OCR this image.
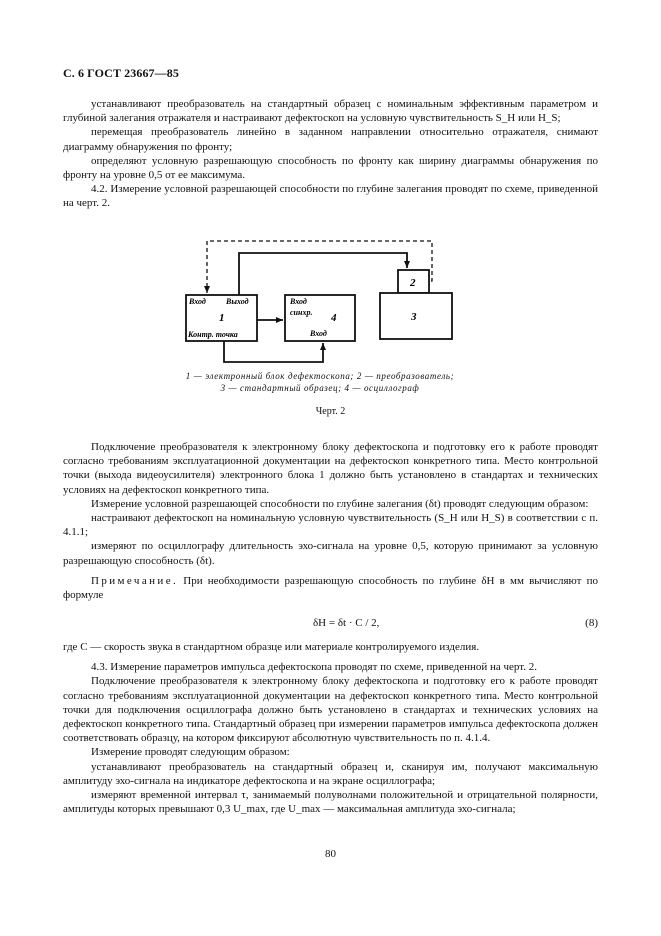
С. 6 ГОСТ 23667—85

устанавливают преобразователь на стандартный образец с номинальным эффективным параметром и глубиной залегания отражателя и настраивают дефектоскоп на условную чувствительность S_H или H_S;

перемещая преобразователь линейно в заданном направлении относительно отражателя, снимают диаграмму обнаружения по фронту;

определяют условную разрешающую способность по фронту как ширину диаграммы обнаружения по фронту на уровне 0,5 от ее максимума.

4.2. Измерение условной разрешающей способности по глубине залегания проводят по схеме, приведенной на черт. 2.

Вход	Выход
1
Контр. точка
Вход
синхр. 4
Вход
2
3
1 — электронный блок дефектоскопа; 2 — преобразователь;
3 — стандартный образец; 4 — осциллограф
Черт. 2

Подключение преобразователя к электронному блоку дефектоскопа и подготовку его к работе проводят согласно требованиям эксплуатационной документации на дефектоскоп конкретного типа. Место контрольной точки (выхода видеоусилителя) электронного блока 1 должно быть установлено в стандартах и технических условиях на дефектоскоп конкретного типа.

Измерение условной разрешающей способности по глубине залегания (δt) проводят следующим образом:

настраивают дефектоскоп на номинальную условную чувствительность (S_H или H_S) в соответствии с п. 4.1.1;

измеряют по осциллографу длительность эхо-сигнала на уровне 0,5, которую принимают за условную разрешающую способность (δt).

Примечание. При необходимости разрешающую способность по глубине δH в мм вычисляют по формуле

δH = δt · C / 2,	(8)

где C — скорость звука в стандартном образце или материале контролируемого изделия.

4.3. Измерение параметров импульса дефектоскопа проводят по схеме, приведенной на черт. 2.

Подключение преобразователя к электронному блоку дефектоскопа и подготовку его к работе проводят согласно требованиям эксплуатационной документации на дефектоскоп конкретного типа. Место контрольной точки для подключения осциллографа должно быть установлено в стандартах и технических условиях на дефектоскоп конкретного типа. Стандартный образец при измерении параметров импульса дефектоскопа должен соответствовать образцу, на котором фиксируют абсолютную чувствительность по п. 4.1.4.

Измерение проводят следующим образом:

устанавливают преобразователь на стандартный образец и, сканируя им, получают максимальную амплитуду эхо-сигнала на индикаторе дефектоскопа и на экране осциллографа;

измеряют временной интервал τ, занимаемый полуволнами положительной и отрицательной полярности, амплитуды которых превышают 0,3 U_max, где U_max — максимальная амплитуда эхо-сигнала;

80
